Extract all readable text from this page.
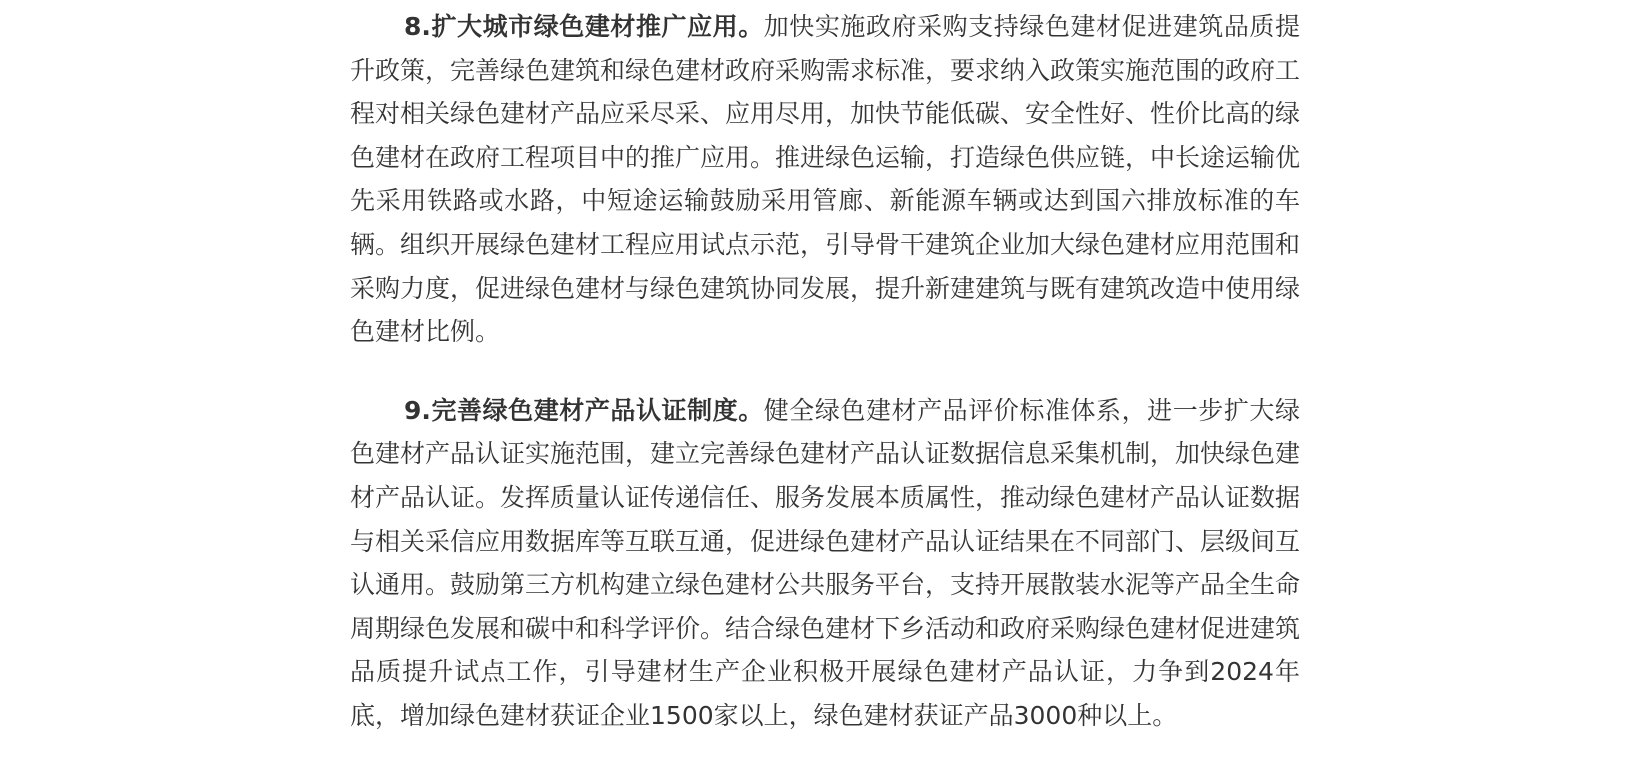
8.扩大城市绿色建材推广应用。加快实施政府采购支持绿色建材促进建筑品质提升政策，完善绿色建筑和绿色建材政府采购需求标准，要求纳入政策实施范围的政府工程对相关绿色建材产品应采尽采、应用尽用，加快节能低碳、安全性好、性价比高的绿色建材在政府工程项目中的推广应用。推进绿色运输，打造绿色供应链，中长途运输优先采用铁路或水路，中短途运输鼓励采用管廊、新能源车辆或达到国六排放标准的车辆。组织开展绿色建材工程应用试点示范，引导骨干建筑企业加大绿色建材应用范围和采购力度，促进绿色建材与绿色建筑协同发展，提升新建建筑与既有建筑改造中使用绿色建材比例。

9.完善绿色建材产品认证制度。健全绿色建材产品评价标准体系，进一步扩大绿色建材产品认证实施范围，建立完善绿色建材产品认证数据信息采集机制，加快绿色建材产品认证。发挥质量认证传递信任、服务发展本质属性，推动绿色建材产品认证数据与相关采信应用数据库等互联互通，促进绿色建材产品认证结果在不同部门、层级间互认通用。鼓励第三方机构建立绿色建材公共服务平台，支持开展散装水泥等产品全生命周期绿色发展和碳中和科学评价。结合绿色建材下乡活动和政府采购绿色建材促进建筑品质提升试点工作，引导建材生产企业积极开展绿色建材产品认证，力争到2024年底，增加绿色建材获证企业1500家以上，绿色建材获证产品3000种以上。
